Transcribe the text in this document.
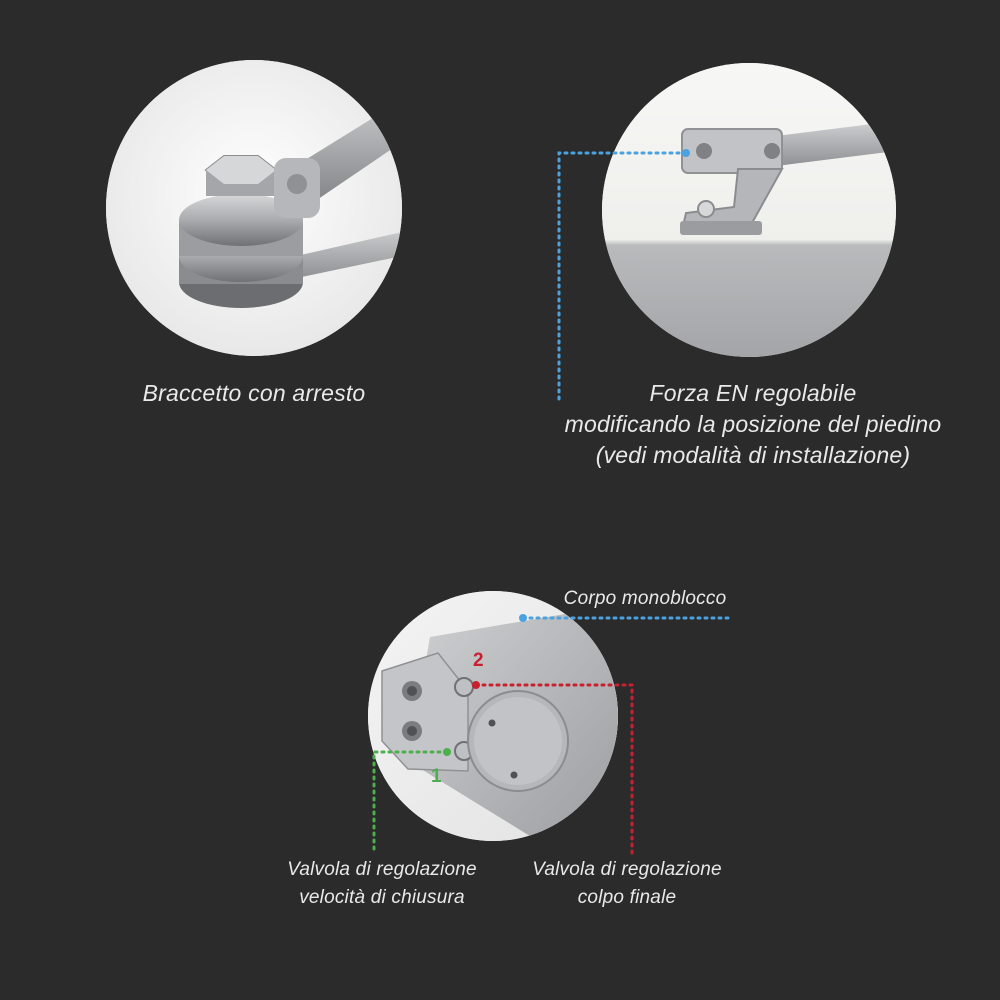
2
1
Braccetto con arresto	Forza EN regolabile
modificando la posizione del piedino
(vedi modalità di installazione)
Corpo monoblocco
Valvola di regolazione
velocità di chiusura
Valvola di regolazione
colpo finale
